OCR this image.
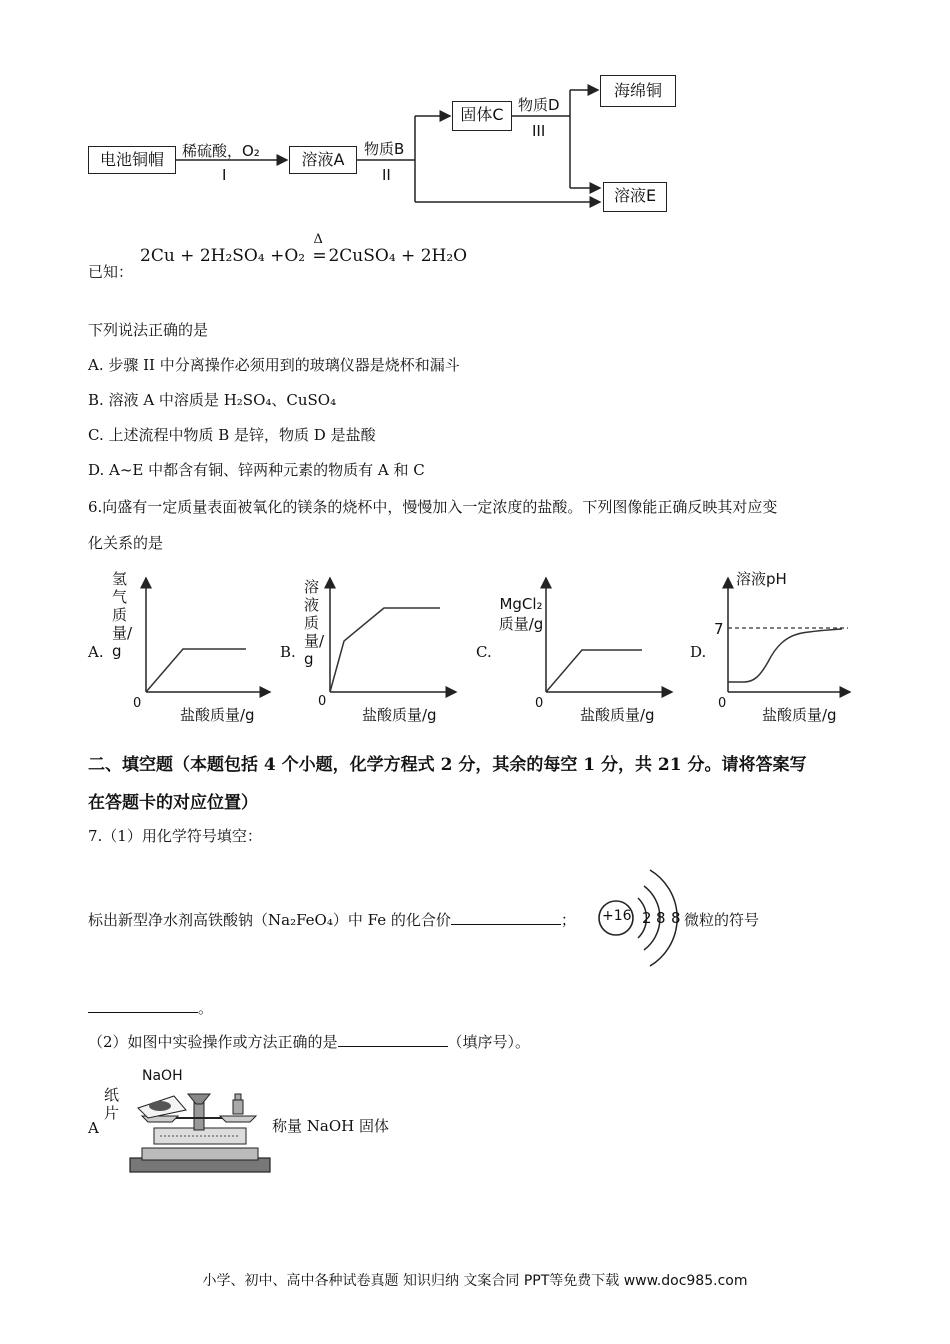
电池铜帽	稀硫酸，O₂
I
溶液A
物质B
II
固体C 物质D
III
海绵铜
溶液E
已知：
2Cu + 2H₂SO₄ +O₂
Δ
= 2CuSO₄ + 2H₂O
下列说法正确的是
A. 步骤 II 中分离操作必须用到的玻璃仪器是烧杯和漏斗
B. 溶液 A 中溶质是 H₂SO₄、CuSO₄
C. 上述流程中物质 B 是锌，物质 D 是盐酸
D. A~E 中都含有铜、锌两种元素的物质有 A 和 C
6.向盛有一定质量表面被氧化的镁条的烧杯中，慢慢加入一定浓度的盐酸。下列图像能正确反映其对应变
化关系的是
A.
氢气质量/g
0
盐酸质量/g
B.
溶液质量/g
0
盐酸质量/g
C.
MgCl₂质量/g
0
盐酸质量/g
D.
溶液pH
7
0
盐酸质量/g
二、填空题（本题包括 4 个小题，化学方程式 2 分，其余的每空 1 分，共 21 分。请将答案写
在答题卡的对应位置）
7.（1）用化学符号填空：
标出新型净水剂高铁酸钠（Na₂FeO₄）中 Fe 的化合价	； +16 2 8 8 微粒的符号
。
（2）如图中实验操作或方法正确的是	（填序号）。
A
纸片
NaOH
称量 NaOH 固体
小学、初中、高中各种试卷真题 知识归纳 文案合同 PPT等免费下载 www.doc985.com
